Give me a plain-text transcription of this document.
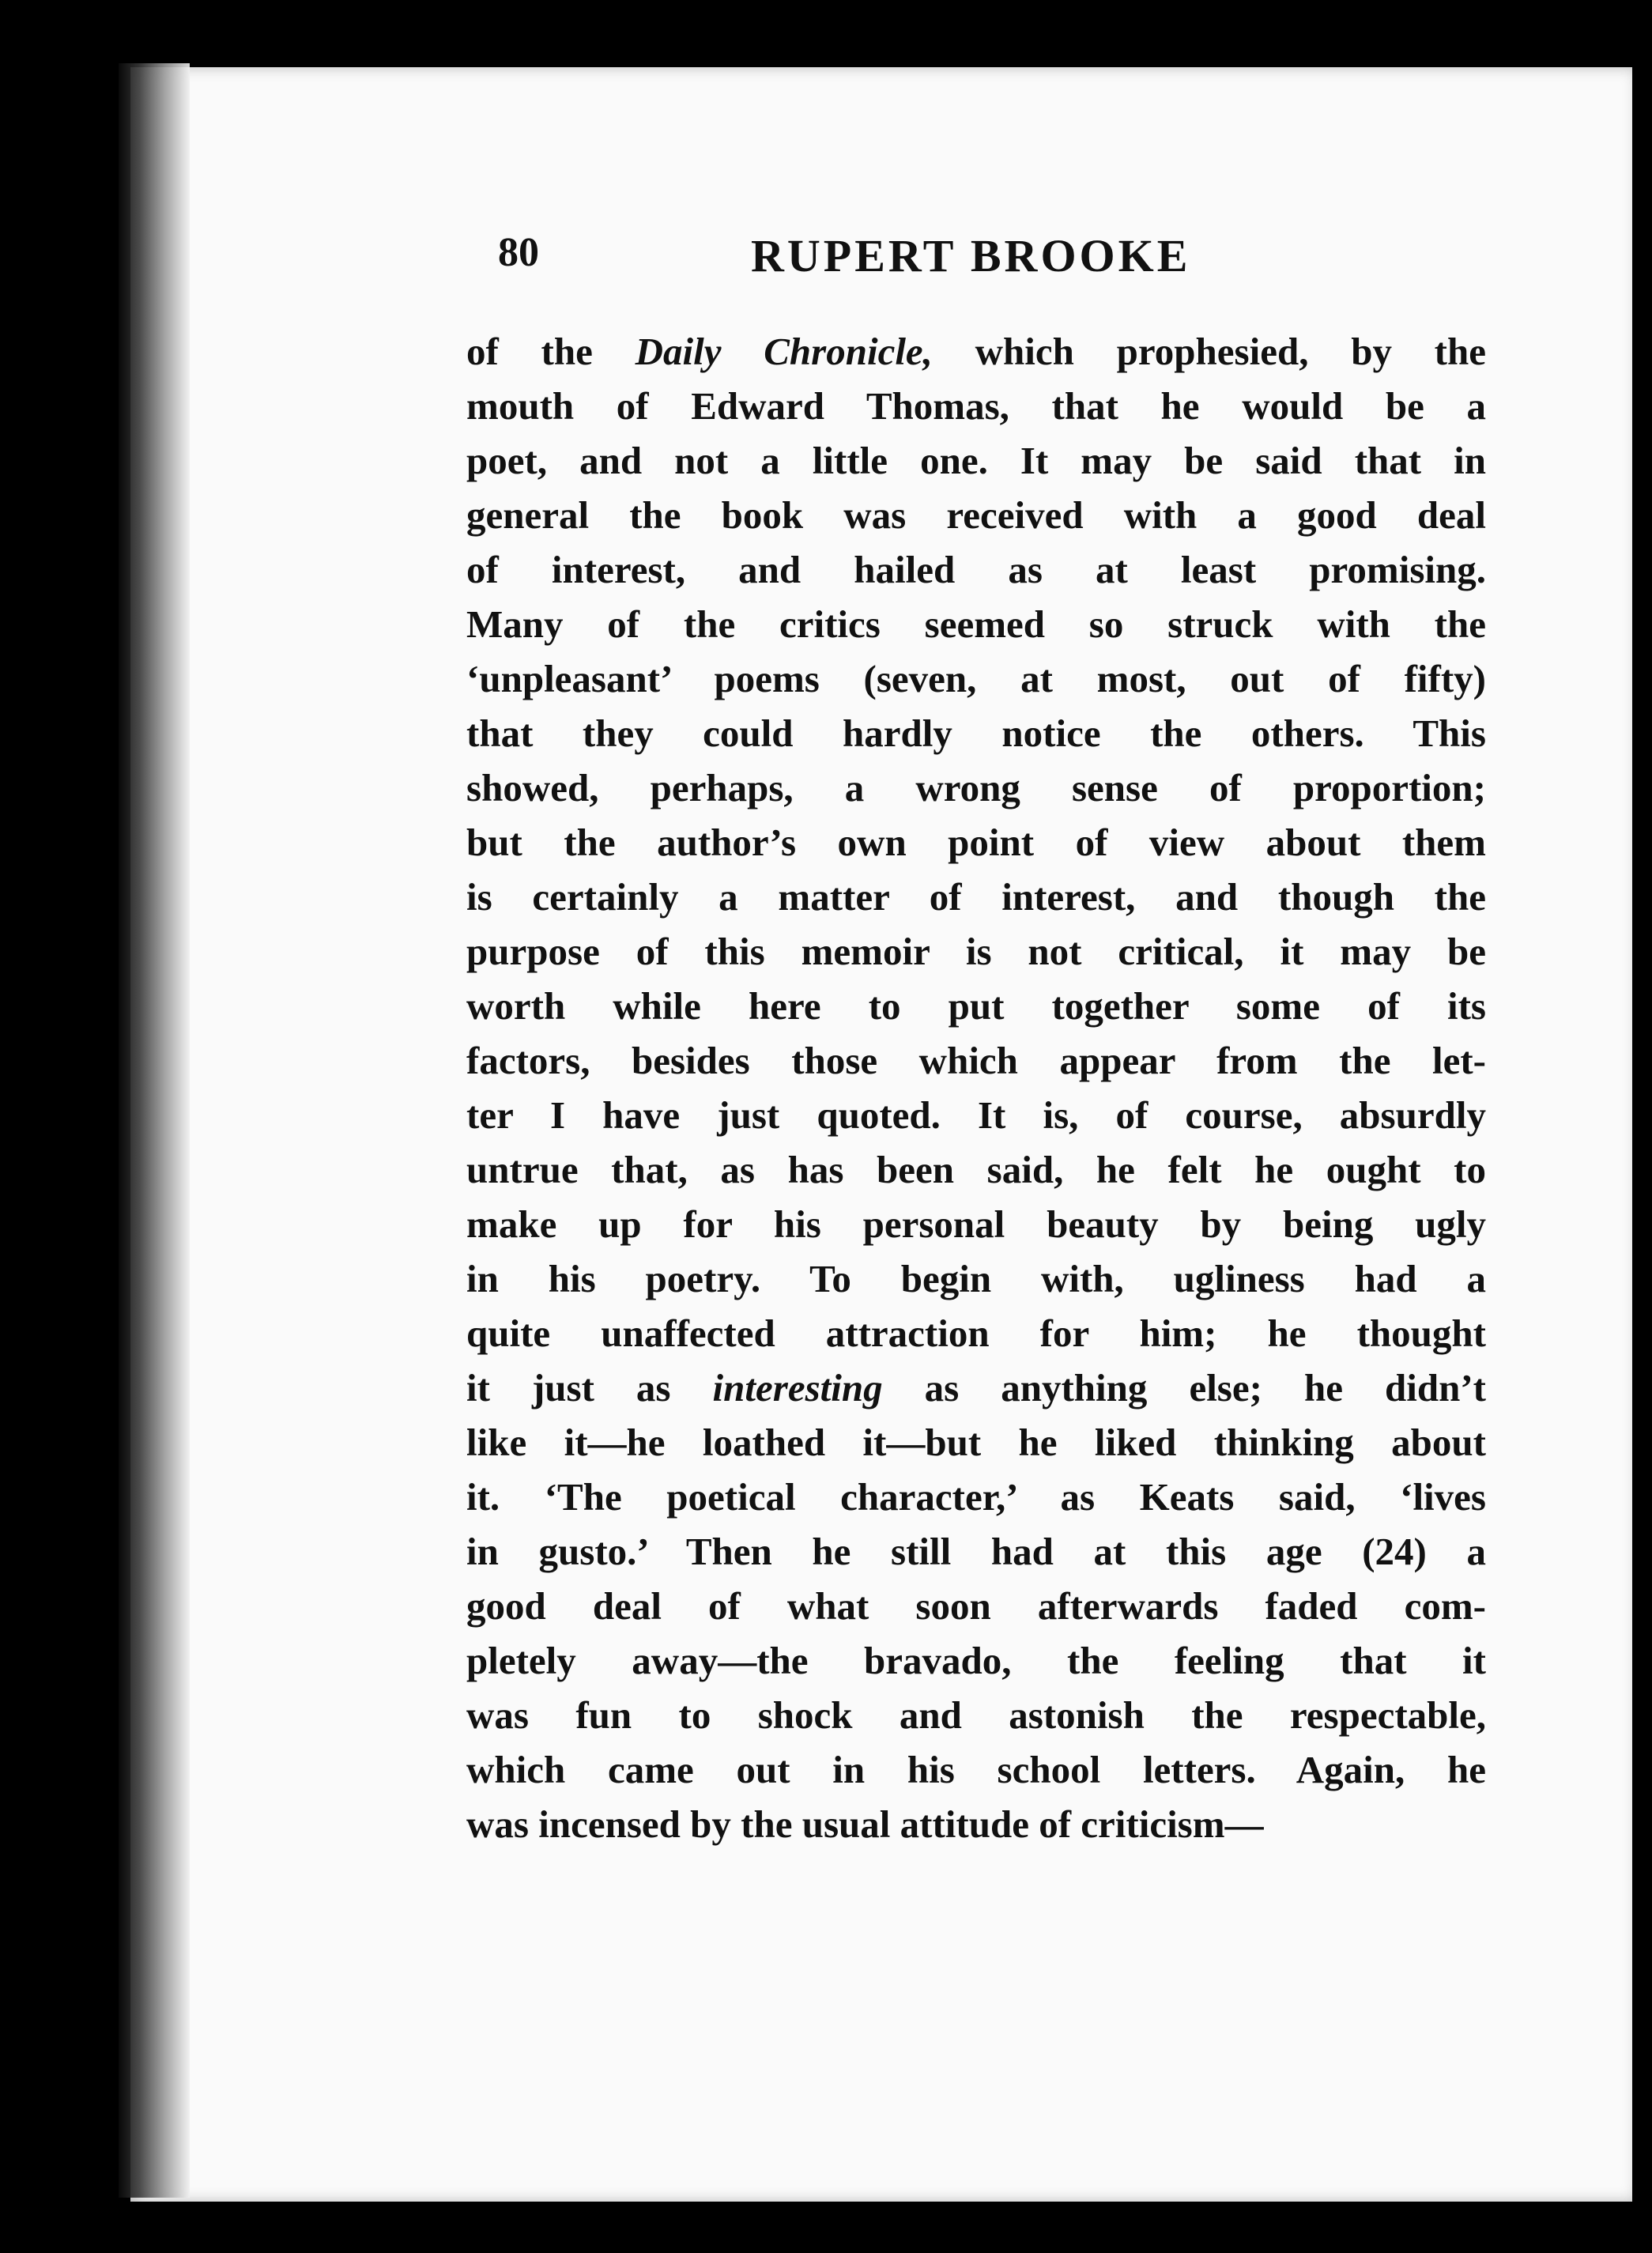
80	RUPERT BROOKE
of the Daily Chronicle, which prophesied, by the
mouth of Edward Thomas, that he would be a
poet, and not a little one. It may be said that in
general the book was received with a good deal
of interest, and hailed as at least promising.
Many of the critics seemed so struck with the
‘unpleasant’ poems (seven, at most, out of fifty)
that they could hardly notice the others. This
showed, perhaps, a wrong sense of proportion;
but the author’s own point of view about them
is certainly a matter of interest, and though the
purpose of this memoir is not critical, it may be
worth while here to put together some of its
factors, besides those which appear from the let-
ter I have just quoted. It is, of course, absurdly
untrue that, as has been said, he felt he ought to
make up for his personal beauty by being ugly
in his poetry. To begin with, ugliness had a
quite unaffected attraction for him; he thought
it just as interesting as anything else; he didn’t
like it—he loathed it—but he liked thinking about
it. ‘The poetical character,’ as Keats said, ‘lives
in gusto.’ Then he still had at this age (24) a
good deal of what soon afterwards faded com-
pletely away—the bravado, the feeling that it
was fun to shock and astonish the respectable,
which came out in his school letters. Again, he
was incensed by the usual attitude of criticism—
